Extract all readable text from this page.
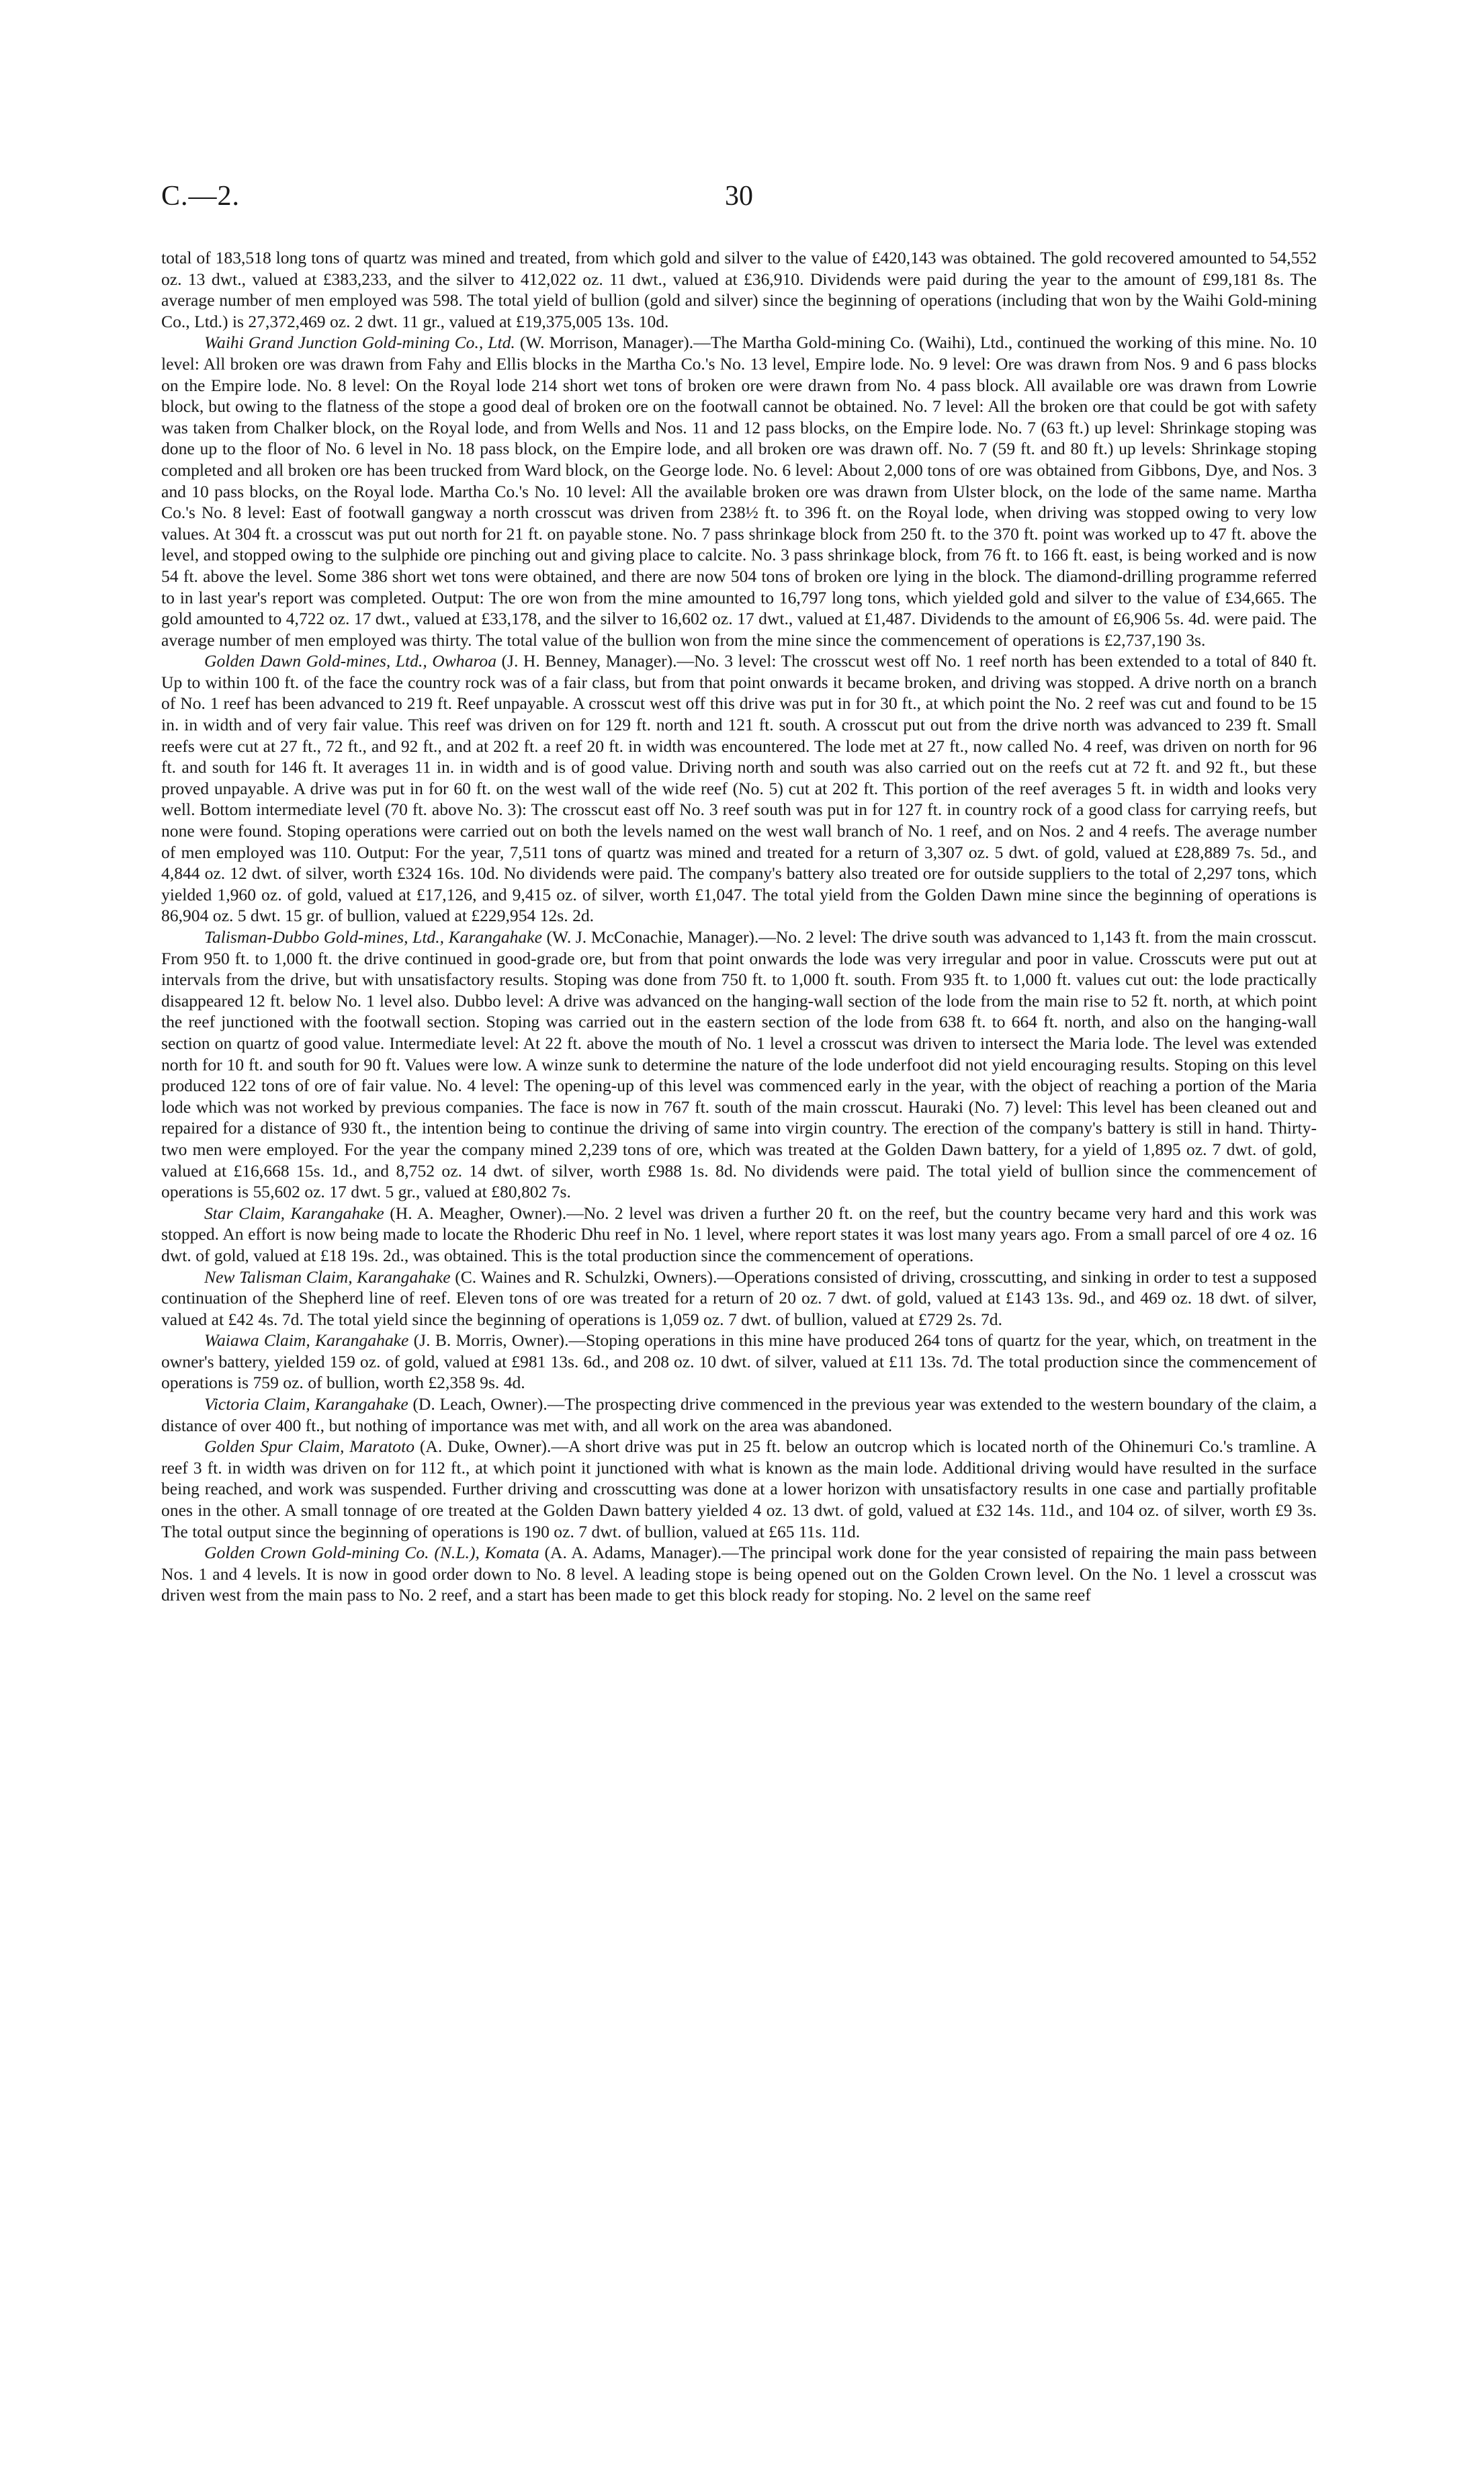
C.—2.	30

total of 183,518 long tons of quartz was mined and treated, from which gold and silver to the value of £420,143 was obtained. The gold recovered amounted to 54,552 oz. 13 dwt., valued at £383,233, and the silver to 412,022 oz. 11 dwt., valued at £36,910. Dividends were paid during the year to the amount of £99,181 8s. The average number of men employed was 598. The total yield of bullion (gold and silver) since the beginning of operations (including that won by the Waihi Gold-mining Co., Ltd.) is 27,372,469 oz. 2 dwt. 11 gr., valued at £19,375,005 13s. 10d.

Waihi Grand Junction Gold-mining Co., Ltd. (W. Morrison, Manager).—The Martha Gold-mining Co. (Waihi), Ltd., continued the working of this mine. No. 10 level: All broken ore was drawn from Fahy and Ellis blocks in the Martha Co.'s No. 13 level, Empire lode. No. 9 level: Ore was drawn from Nos. 9 and 6 pass blocks on the Empire lode. No. 8 level: On the Royal lode 214 short wet tons of broken ore were drawn from No. 4 pass block. All available ore was drawn from Lowrie block, but owing to the flatness of the stope a good deal of broken ore on the footwall cannot be obtained. No. 7 level: All the broken ore that could be got with safety was taken from Chalker block, on the Royal lode, and from Wells and Nos. 11 and 12 pass blocks, on the Empire lode. No. 7 (63 ft.) up level: Shrinkage stoping was done up to the floor of No. 6 level in No. 18 pass block, on the Empire lode, and all broken ore was drawn off. No. 7 (59 ft. and 80 ft.) up levels: Shrinkage stoping completed and all broken ore has been trucked from Ward block, on the George lode. No. 6 level: About 2,000 tons of ore was obtained from Gibbons, Dye, and Nos. 3 and 10 pass blocks, on the Royal lode. Martha Co.'s No. 10 level: All the available broken ore was drawn from Ulster block, on the lode of the same name. Martha Co.'s No. 8 level: East of footwall gangway a north crosscut was driven from 238½ ft. to 396 ft. on the Royal lode, when driving was stopped owing to very low values. At 304 ft. a crosscut was put out north for 21 ft. on payable stone. No. 7 pass shrinkage block from 250 ft. to the 370 ft. point was worked up to 47 ft. above the level, and stopped owing to the sulphide ore pinching out and giving place to calcite. No. 3 pass shrinkage block, from 76 ft. to 166 ft. east, is being worked and is now 54 ft. above the level. Some 386 short wet tons were obtained, and there are now 504 tons of broken ore lying in the block. The diamond-drilling programme referred to in last year's report was completed. Output: The ore won from the mine amounted to 16,797 long tons, which yielded gold and silver to the value of £34,665. The gold amounted to 4,722 oz. 17 dwt., valued at £33,178, and the silver to 16,602 oz. 17 dwt., valued at £1,487. Dividends to the amount of £6,906 5s. 4d. were paid. The average number of men employed was thirty. The total value of the bullion won from the mine since the commencement of operations is £2,737,190 3s.

Golden Dawn Gold-mines, Ltd., Owharoa (J. H. Benney, Manager).—No. 3 level: The crosscut west off No. 1 reef north has been extended to a total of 840 ft. Up to within 100 ft. of the face the country rock was of a fair class, but from that point onwards it became broken, and driving was stopped. A drive north on a branch of No. 1 reef has been advanced to 219 ft. Reef unpayable. A crosscut west off this drive was put in for 30 ft., at which point the No. 2 reef was cut and found to be 15 in. in width and of very fair value. This reef was driven on for 129 ft. north and 121 ft. south. A crosscut put out from the drive north was advanced to 239 ft. Small reefs were cut at 27 ft., 72 ft., and 92 ft., and at 202 ft. a reef 20 ft. in width was encountered. The lode met at 27 ft., now called No. 4 reef, was driven on north for 96 ft. and south for 146 ft. It averages 11 in. in width and is of good value. Driving north and south was also carried out on the reefs cut at 72 ft. and 92 ft., but these proved unpayable. A drive was put in for 60 ft. on the west wall of the wide reef (No. 5) cut at 202 ft. This portion of the reef averages 5 ft. in width and looks very well. Bottom intermediate level (70 ft. above No. 3): The crosscut east off No. 3 reef south was put in for 127 ft. in country rock of a good class for carrying reefs, but none were found. Stoping operations were carried out on both the levels named on the west wall branch of No. 1 reef, and on Nos. 2 and 4 reefs. The average number of men employed was 110. Output: For the year, 7,511 tons of quartz was mined and treated for a return of 3,307 oz. 5 dwt. of gold, valued at £28,889 7s. 5d., and 4,844 oz. 12 dwt. of silver, worth £324 16s. 10d. No dividends were paid. The company's battery also treated ore for outside suppliers to the total of 2,297 tons, which yielded 1,960 oz. of gold, valued at £17,126, and 9,415 oz. of silver, worth £1,047. The total yield from the Golden Dawn mine since the beginning of operations is 86,904 oz. 5 dwt. 15 gr. of bullion, valued at £229,954 12s. 2d.

Talisman-Dubbo Gold-mines, Ltd., Karangahake (W. J. McConachie, Manager).—No. 2 level: The drive south was advanced to 1,143 ft. from the main crosscut. From 950 ft. to 1,000 ft. the drive continued in good-grade ore, but from that point onwards the lode was very irregular and poor in value. Crosscuts were put out at intervals from the drive, but with unsatisfactory results. Stoping was done from 750 ft. to 1,000 ft. south. From 935 ft. to 1,000 ft. values cut out: the lode practically disappeared 12 ft. below No. 1 level also. Dubbo level: A drive was advanced on the hanging-wall section of the lode from the main rise to 52 ft. north, at which point the reef junctioned with the footwall section. Stoping was carried out in the eastern section of the lode from 638 ft. to 664 ft. north, and also on the hanging-wall section on quartz of good value. Intermediate level: At 22 ft. above the mouth of No. 1 level a crosscut was driven to intersect the Maria lode. The level was extended north for 10 ft. and south for 90 ft. Values were low. A winze sunk to determine the nature of the lode underfoot did not yield encouraging results. Stoping on this level produced 122 tons of ore of fair value. No. 4 level: The opening-up of this level was commenced early in the year, with the object of reaching a portion of the Maria lode which was not worked by previous companies. The face is now in 767 ft. south of the main crosscut. Hauraki (No. 7) level: This level has been cleaned out and repaired for a distance of 930 ft., the intention being to continue the driving of same into virgin country. The erection of the company's battery is still in hand. Thirty-two men were employed. For the year the company mined 2,239 tons of ore, which was treated at the Golden Dawn battery, for a yield of 1,895 oz. 7 dwt. of gold, valued at £16,668 15s. 1d., and 8,752 oz. 14 dwt. of silver, worth £988 1s. 8d. No dividends were paid. The total yield of bullion since the commencement of operations is 55,602 oz. 17 dwt. 5 gr., valued at £80,802 7s.

Star Claim, Karangahake (H. A. Meagher, Owner).—No. 2 level was driven a further 20 ft. on the reef, but the country became very hard and this work was stopped. An effort is now being made to locate the Rhoderic Dhu reef in No. 1 level, where report states it was lost many years ago. From a small parcel of ore 4 oz. 16 dwt. of gold, valued at £18 19s. 2d., was obtained. This is the total production since the commencement of operations.

New Talisman Claim, Karangahake (C. Waines and R. Schulzki, Owners).—Operations consisted of driving, crosscutting, and sinking in order to test a supposed continuation of the Shepherd line of reef. Eleven tons of ore was treated for a return of 20 oz. 7 dwt. of gold, valued at £143 13s. 9d., and 469 oz. 18 dwt. of silver, valued at £42 4s. 7d. The total yield since the beginning of operations is 1,059 oz. 7 dwt. of bullion, valued at £729 2s. 7d.

Waiawa Claim, Karangahake (J. B. Morris, Owner).—Stoping operations in this mine have produced 264 tons of quartz for the year, which, on treatment in the owner's battery, yielded 159 oz. of gold, valued at £981 13s. 6d., and 208 oz. 10 dwt. of silver, valued at £11 13s. 7d. The total production since the commencement of operations is 759 oz. of bullion, worth £2,358 9s. 4d.

Victoria Claim, Karangahake (D. Leach, Owner).—The prospecting drive commenced in the previous year was extended to the western boundary of the claim, a distance of over 400 ft., but nothing of importance was met with, and all work on the area was abandoned.

Golden Spur Claim, Maratoto (A. Duke, Owner).—A short drive was put in 25 ft. below an outcrop which is located north of the Ohinemuri Co.'s tramline. A reef 3 ft. in width was driven on for 112 ft., at which point it junctioned with what is known as the main lode. Additional driving would have resulted in the surface being reached, and work was suspended. Further driving and crosscutting was done at a lower horizon with unsatisfactory results in one case and partially profitable ones in the other. A small tonnage of ore treated at the Golden Dawn battery yielded 4 oz. 13 dwt. of gold, valued at £32 14s. 11d., and 104 oz. of silver, worth £9 3s. The total output since the beginning of operations is 190 oz. 7 dwt. of bullion, valued at £65 11s. 11d.

Golden Crown Gold-mining Co. (N.L.), Komata (A. A. Adams, Manager).—The principal work done for the year consisted of repairing the main pass between Nos. 1 and 4 levels. It is now in good order down to No. 8 level. A leading stope is being opened out on the Golden Crown level. On the No. 1 level a crosscut was driven west from the main pass to No. 2 reef, and a start has been made to get this block ready for stoping. No. 2 level on the same reef
